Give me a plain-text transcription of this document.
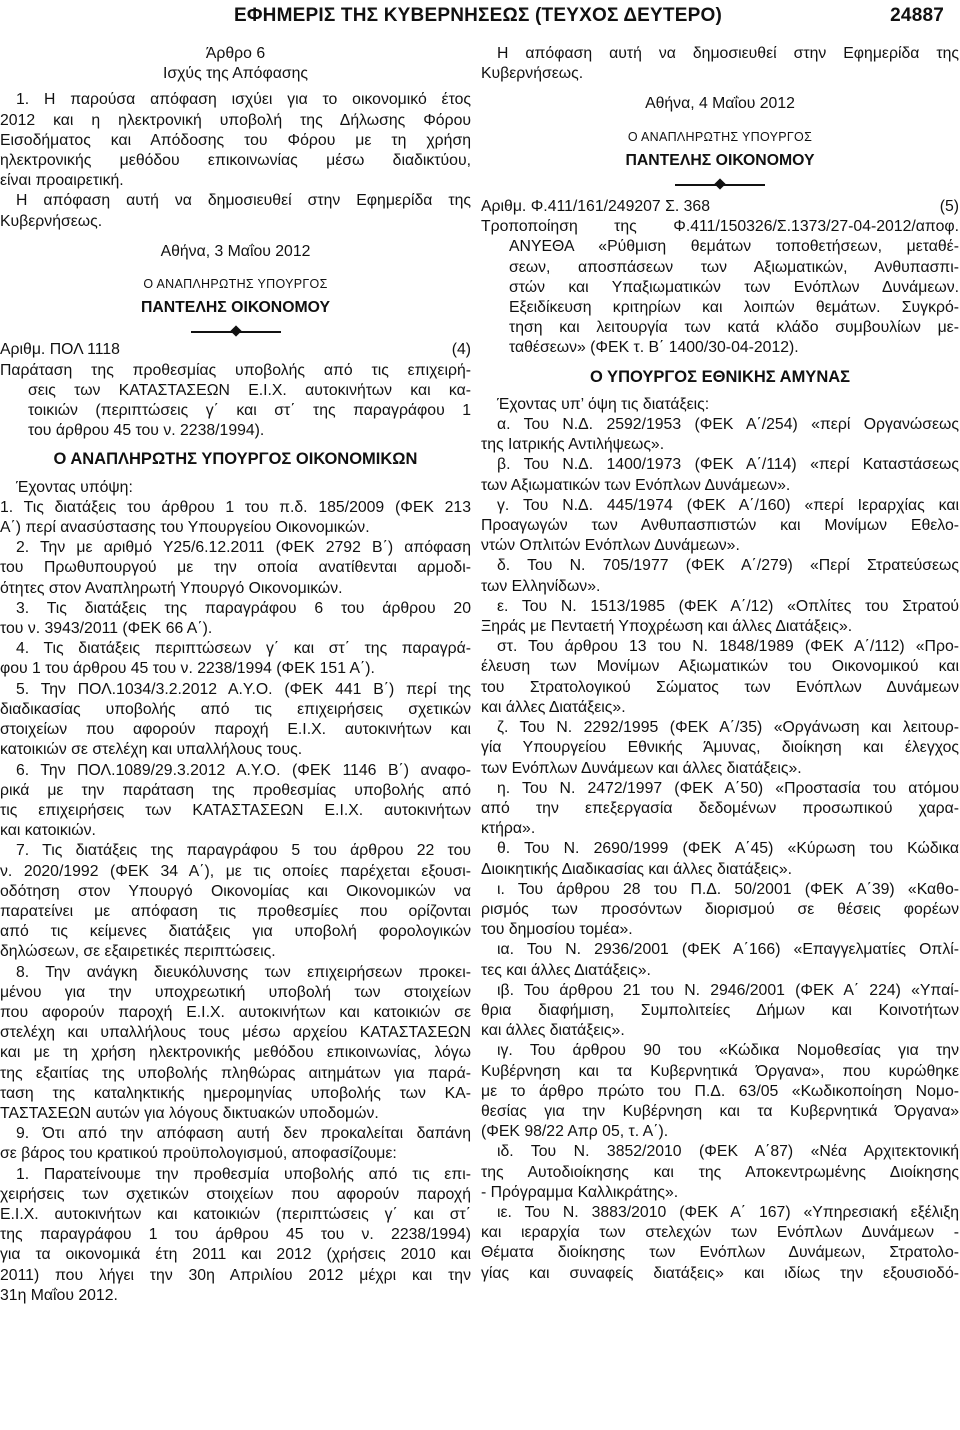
ΕΦΗΜΕΡΙΣ ΤΗΣ ΚΥΒΕΡΝΗΣΕΩΣ (ΤΕΥΧΟΣ ΔΕΥΤΕΡΟ)	24887
Άρθρο 6
Ισχύς της Απόφασης
1. Η παρούσα απόφαση ισχύει για το οικονομικό έτος
2012 και η ηλεκτρονική υποβολή της Δήλωσης Φόρου
Εισοδήματος και Απόδοσης του Φόρου με τη χρήση
ηλεκτρονικής μεθόδου επικοινωνίας μέσω διαδικτύου,
είναι προαιρετική.
Η απόφαση αυτή να δημοσιευθεί στην Εφημερίδα της
Κυβερνήσεως.
Αθήνα, 3 Μαΐου 2012
Ο ΑΝΑΠΛΗΡΩΤΗΣ ΥΠΟΥΡΓΟΣ
ΠΑΝΤΕΛΗΣ ΟΙΚΟΝΟΜΟΥ
Αριθμ. ΠΟΛ 1118	(4)
Παράταση της προθεσμίας υποβολής από τις επιχειρή-
σεις των ΚΑΤΑΣΤΑΣΕΩΝ Ε.Ι.Χ. αυτοκινήτων και κα-
τοικιών (περιπτώσεις γ΄ και στ΄ της παραγράφου 1
του άρθρου 45 του ν. 2238/1994).
Ο ΑΝΑΠΛΗΡΩΤΗΣ ΥΠΟΥΡΓΟΣ ΟΙΚΟΝΟΜΙΚΩΝ
Έχοντας υπόψη:
1. Τις διατάξεις του άρθρου 1 του π.δ. 185/2009 (ΦΕΚ 213
Α΄) περί ανασύστασης του Υπουργείου Οικονομικών.
2. Την με αριθμό Υ25/6.12.2011 (ΦΕΚ 2792 Β΄) απόφαση
του Πρωθυπουργού με την οποία ανατίθενται αρμοδι-
ότητες στον Αναπληρωτή Υπουργό Οικονομικών.
3. Τις διατάξεις της παραγράφου 6 του άρθρου 20
του ν. 3943/2011 (ΦΕΚ 66 Α΄).
4. Τις διατάξεις περιπτώσεων γ΄ και στ΄ της παραγρά-
φου 1 του άρθρου 45 του ν. 2238/1994 (ΦΕΚ 151 Α΄).
5. Την ΠΟΛ.1034/3.2.2012 Α.Υ.Ο. (ΦΕΚ 441 Β΄) περί της
διαδικασίας υποβολής από τις επιχειρήσεις σχετικών
στοιχείων που αφορούν παροχή Ε.Ι.Χ. αυτοκινήτων και
κατοικιών σε στελέχη και υπαλλήλους τους.
6. Την ΠΟΛ.1089/29.3.2012 Α.Υ.Ο. (ΦΕΚ 1146 Β΄) αναφο-
ρικά με την παράταση της προθεσμίας υποβολής από
τις επιχειρήσεις των ΚΑΤΑΣΤΑΣΕΩΝ Ε.Ι.Χ. αυτοκινήτων
και κατοικιών.
7. Τις διατάξεις της παραγράφου 5 του άρθρου 22 του
ν. 2020/1992 (ΦΕΚ 34 Α΄), με τις οποίες παρέχεται εξουσι-
οδότηση στον Υπουργό Οικονομίας και Οικονομικών να
παρατείνει με απόφαση τις προθεσμίες που ορίζονται
από τις κείμενες διατάξεις για υποβολή φορολογικών
δηλώσεων, σε εξαιρετικές περιπτώσεις.
8. Την ανάγκη διευκόλυνσης των επιχειρήσεων προκει-
μένου για την υποχρεωτική υποβολή των στοιχείων
που αφορούν παροχή Ε.Ι.Χ. αυτοκινήτων και κατοικιών σε
στελέχη και υπαλλήλους τους μέσω αρχείου ΚΑΤΑΣΤΑΣΕΩΝ
και με τη χρήση ηλεκτρονικής μεθόδου επικοινωνίας, λόγω
της εξαιτίας της υποβολής πληθώρας αιτημάτων για παρά-
ταση της καταληκτικής ημερομηνίας υποβολής των ΚΑ-
ΤΑΣΤΑΣΕΩΝ αυτών για λόγους δικτυακών υποδομών.
9. Ότι από την απόφαση αυτή δεν προκαλείται δαπάνη
σε βάρος του κρατικού προϋπολογισμού, αποφασίζουμε:
1. Παρατείνουμε την προθεσμία υποβολής από τις επι-
χειρήσεις των σχετικών στοιχείων που αφορούν παροχή
Ε.Ι.Χ. αυτοκινήτων και κατοικιών (περιπτώσεις γ΄ και στ΄
της παραγράφου 1 του άρθρου 45 του ν. 2238/1994)
για τα οικονομικά έτη 2011 και 2012 (χρήσεις 2010 και
2011) που λήγει την 30η Απριλίου 2012 μέχρι και την
31η Μαΐου 2012.
Η απόφαση αυτή να δημοσιευθεί στην Εφημερίδα της
Κυβερνήσεως.
Αθήνα, 4 Μαΐου 2012
Ο ΑΝΑΠΛΗΡΩΤΗΣ ΥΠΟΥΡΓΟΣ
ΠΑΝΤΕΛΗΣ ΟΙΚΟΝΟΜΟΥ
Αριθμ. Φ.411/161/249207 Σ. 368	(5)
Τροποποίηση της Φ.411/150326/Σ.1373/27-04-2012/αποφ.
ΑΝΥΕΘΑ «Ρύθμιση θεμάτων τοποθετήσεων, μεταθέ-
σεων, αποσπάσεων των Αξιωματικών, Ανθυπασπι-
στών και Υπαξιωματικών των Ενόπλων Δυνάμεων.
Εξειδίκευση κριτηρίων και λοιπών θεμάτων. Συγκρό-
τηση και λειτουργία των κατά κλάδο συμβουλίων με-
ταθέσεων» (ΦΕΚ τ. Β΄ 1400/30-04-2012).
Ο ΥΠΟΥΡΓΟΣ ΕΘΝΙΚΗΣ ΑΜΥΝΑΣ
Έχοντας υπ’ όψη τις διατάξεις:
α. Του Ν.Δ. 2592/1953 (ΦΕΚ Α΄/254) «περί Οργανώσεως
της Ιατρικής Αντιλήψεως».
β. Του Ν.Δ. 1400/1973 (ΦΕΚ Α΄/114) «περί Καταστάσεως
των Αξιωματικών των Ενόπλων Δυνάμεων».
γ. Του Ν.Δ. 445/1974 (ΦΕΚ Α΄/160) «περί Ιεραρχίας και
Προαγωγών των Ανθυπασπιστών και Μονίμων Εθελο-
ντών Οπλιτών Ενόπλων Δυνάμεων».
δ. Του Ν. 705/1977 (ΦΕΚ Α΄/279) «Περί Στρατεύσεως
των Ελληνίδων».
ε. Του Ν. 1513/1985 (ΦΕΚ Α΄/12) «Οπλίτες του Στρατού
Ξηράς με Πενταετή Υποχρέωση και άλλες Διατάξεις».
στ. Του άρθρου 13 του Ν. 1848/1989 (ΦΕΚ Α΄/112) «Προ-
έλευση των Μονίμων Αξιωματικών του Οικονομικού και
του Στρατολογικού Σώματος των Ενόπλων Δυνάμεων
και άλλες Διατάξεις».
ζ. Του Ν. 2292/1995 (ΦΕΚ Α΄/35) «Οργάνωση και λειτουρ-
γία Υπουργείου Εθνικής Άμυνας, διοίκηση και έλεγχος
των Ενόπλων Δυνάμεων και άλλες διατάξεις».
η. Του Ν. 2472/1997 (ΦΕΚ Α΄50) «Προστασία του ατόμου
από την επεξεργασία δεδομένων προσωπικού χαρα-
κτήρα».
θ. Του Ν. 2690/1999 (ΦΕΚ Α΄45) «Κύρωση του Κώδικα
Διοικητικής Διαδικασίας και άλλες διατάξεις».
ι. Του άρθρου 28 του Π.Δ. 50/2001 (ΦΕΚ Α΄39) «Καθο-
ρισμός των προσόντων διορισμού σε θέσεις φορέων
του δημοσίου τομέα».
ια. Του Ν. 2936/2001 (ΦΕΚ Α΄166) «Επαγγελματίες Οπλί-
τες και άλλες Διατάξεις».
ιβ. Του άρθρου 21 του Ν. 2946/2001 (ΦΕΚ Α΄ 224) «Υπαί-
θρια διαφήμιση, Συμπολιτείες Δήμων και Κοινοτήτων
και άλλες διατάξεις».
ιγ. Του άρθρου 90 του «Κώδικα Νομοθεσίας για την
Κυβέρνηση και τα Κυβερνητικά Όργανα», που κυρώθηκε
με το άρθρο πρώτο του Π.Δ. 63/05 «Κωδικοποίηση Νομο-
θεσίας για την Κυβέρνηση και τα Κυβερνητικά Όργανα»
(ΦΕΚ 98/22 Απρ 05, τ. Α΄).
ιδ. Του Ν. 3852/2010 (ΦΕΚ Α΄87) «Νέα Αρχιτεκτονική
της Αυτοδιοίκησης και της Αποκεντρωμένης Διοίκησης
- Πρόγραμμα Καλλικράτης».
ιε. Του Ν. 3883/2010 (ΦΕΚ Α΄ 167) «Υπηρεσιακή εξέλιξη
και ιεραρχία των στελεχών των Ενόπλων Δυνάμεων -
Θέματα διοίκησης των Ενόπλων Δυνάμεων, Στρατολο-
γίας και συναφείς διατάξεις» και ιδίως την εξουσιοδό-
